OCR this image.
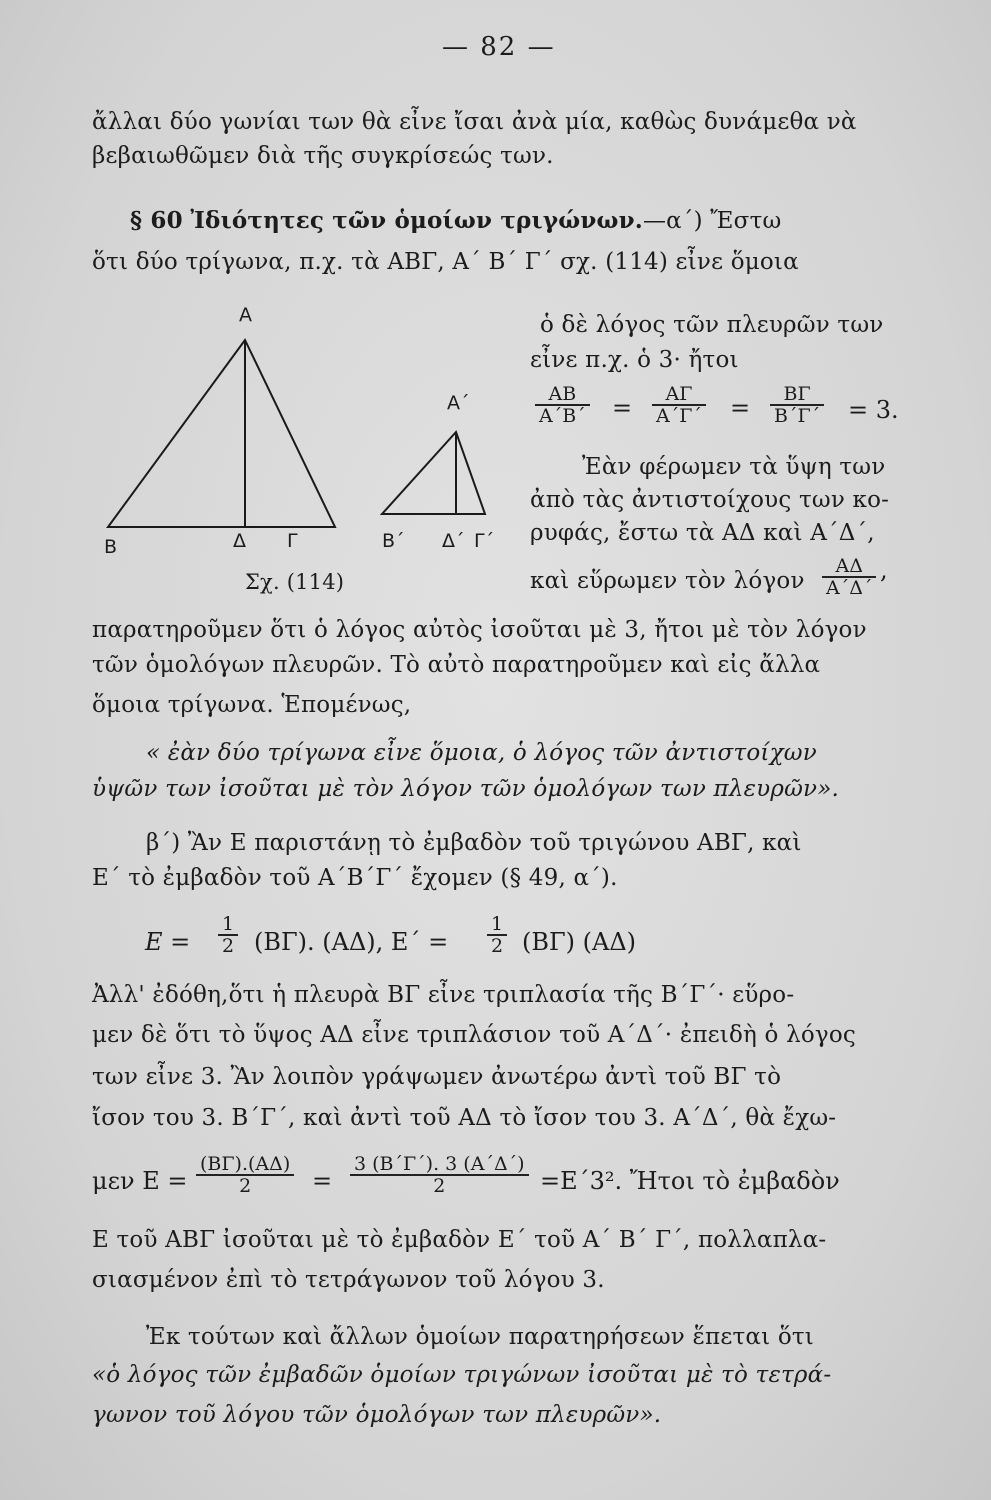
— 82 —
ἄλλαι δύο γωνίαι των θὰ εἶνε ἴσαι ἀνὰ μία, καθὼς δυνάμεθα νὰ
βεβαιωθῶμεν διὰ τῆς συγκρίσεώς των.
§ 60 Ἰδιότητες τῶν ὁμοίων τριγώνων.—α΄) Ἔστω
ὅτι δύο τρίγωνα, π.χ. τὰ ΑΒΓ, Α΄ Β΄ Γ΄ σχ. (114) εἶνε ὅμοια
ὁ δὲ λόγος τῶν πλευρῶν των
εἶνε π.χ. ὁ 3· ἤτοι
$\frac{AB}{A΄B΄} = \frac{A\Gamma}{A΄\Gamma΄} = \frac{B\Gamma}{B΄\Gamma΄} = 3$.
Ἐὰν φέρωμεν τὰ ὕψη των
ἀπὸ τὰς ἀντιστοίχους των κο-
ρυφάς, ἔστω τὰ ΑΔ καὶ Α΄Δ΄,
καὶ εὕρωμεν τὸν λόγον $\frac{A\Delta}{A΄\Delta΄}$ ,
Α
Β	Δ Γ
Α΄
Β΄ Δ΄ Γ΄
Σχ. (114)
παρατηροῦμεν ὅτι ὁ λόγος αὐτὸς ἰσοῦται μὲ 3, ἤτοι μὲ τὸν λόγον
τῶν ὁμολόγων πλευρῶν. Τὸ αὐτὸ παρατηροῦμεν καὶ εἰς ἄλλα
ὅμοια τρίγωνα. Ἑπομένως,
« ἐὰν δύο τρίγωνα εἶνε ὅμοια, ὁ λόγος τῶν ἀντιστοίχων
ὑψῶν των ἰσοῦται μὲ τὸν λόγον τῶν ὁμολόγων των πλευρῶν».
β΄) Ἂν E παριστάνῃ τὸ ἐμβαδὸν τοῦ τριγώνου ΑΒΓ, καὶ
E΄ τὸ ἐμβαδὸν τοῦ Α΄Β΄Γ΄ ἔχομεν (§ 49, α΄).
$E = \frac{1}{2} (B\Gamma)$. (ΑΔ), $E΄ = \frac{1}{2} (B\Gamma)$ (ΑΔ)
Ἀλλ' ἐδόθη,ὅτι ἡ πλευρὰ ΒΓ εἶνε τριπλασία τῆς Β΄Γ΄· εὕρο-
μεν δὲ ὅτι τὸ ὕψος ΑΔ εἶνε τριπλάσιον τοῦ Α΄Δ΄· ἐπειδὴ ὁ λόγος
των εἶνε 3. Ἂν λοιπὸν γράψωμεν ἀνωτέρω ἀντὶ τοῦ ΒΓ τὸ
ἴσον του 3. Β΄Γ΄, καὶ ἀντὶ τοῦ ΑΔ τὸ ἴσον του 3. Α΄Δ΄, θὰ ἔχω-
μεν $E = \frac{(B\Gamma).(A\Delta)}{2} = \frac{3 (B΄\Gamma΄). 3 (A΄\Delta΄)}{2} =E΄3^2$. Ἤτοι τὸ ἐμβαδὸν
E τοῦ ΑΒΓ ἰσοῦται μὲ τὸ ἐμβαδὸν E΄ τοῦ Α΄ Β΄ Γ΄, πολλαπλα-
σιασμένον ἐπὶ τὸ τετράγωνον τοῦ λόγου 3.
Ἐκ τούτων καὶ ἄλλων ὁμοίων παρατηρήσεων ἕπεται ὅτι
«ὁ λόγος τῶν ἐμβαδῶν ὁμοίων τριγώνων ἰσοῦται μὲ τὸ τετρά-
γωνον τοῦ λόγου τῶν ὁμολόγων των πλευρῶν».
